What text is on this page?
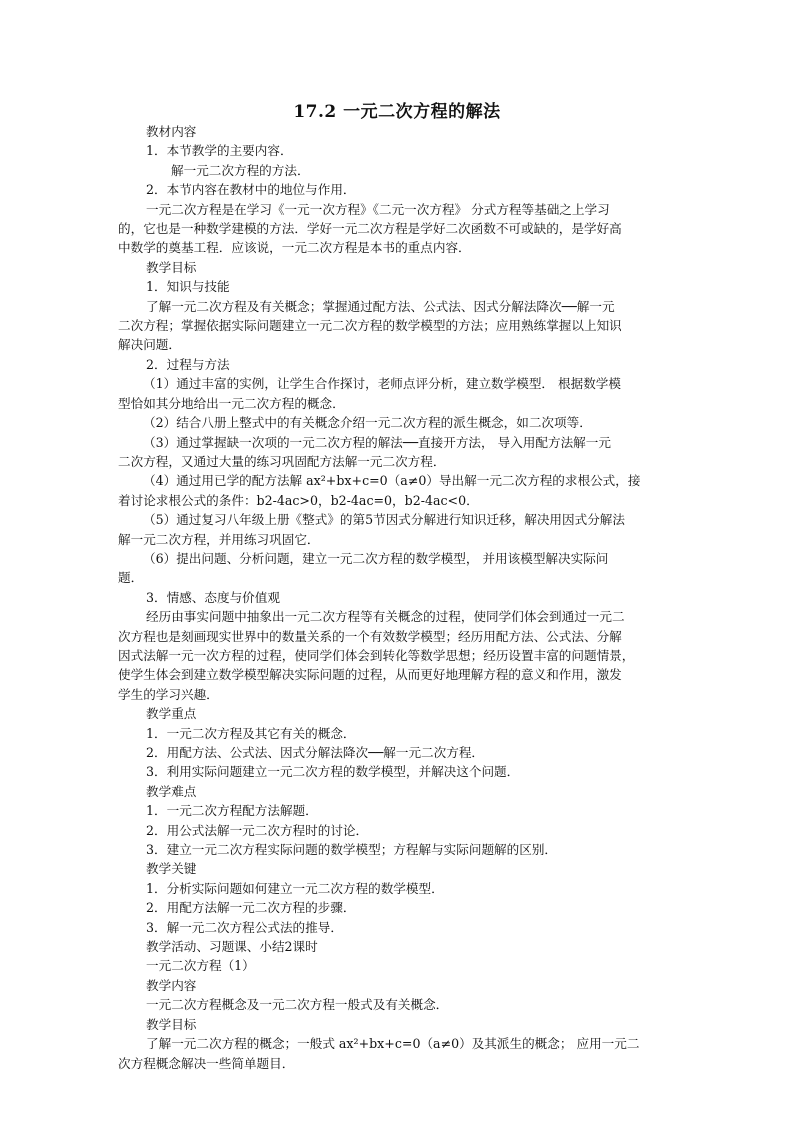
17.2 一元二次方程的解法
教材内容
1．本节教学的主要内容．
解一元二次方程的方法．
2．本节内容在教材中的地位与作用．
一元二次方程是在学习《一元一次方程》《二元一次方程》 分式方程等基础之上学习
的，它也是一种数学建模的方法．学好一元二次方程是学好二次函数不可或缺的，是学好高
中数学的奠基工程．应该说，一元二次方程是本书的重点内容．
教学目标
1．知识与技能
了解一元二次方程及有关概念；掌握通过配方法、公式法、因式分解法降次──解一元
二次方程；掌握依据实际问题建立一元二次方程的数学模型的方法；应用熟练掌握以上知识
解决问题．
2．过程与方法
（1）通过丰富的实例，让学生合作探讨，老师点评分析，建立数学模型． 根据数学模
型恰如其分地给出一元二次方程的概念．
（2）结合八册上整式中的有关概念介绍一元二次方程的派生概念，如二次项等．
（3）通过掌握缺一次项的一元二次方程的解法──直接开方法， 导入用配方法解一元
二次方程，又通过大量的练习巩固配方法解一元二次方程．
（4）通过用已学的配方法解 ax²+bx+c=0（a≠0）导出解一元二次方程的求根公式，接
着讨论求根公式的条件：b2-4ac>0，b2-4ac=0，b2-4ac<0．
（5）通过复习八年级上册《整式》的第5节因式分解进行知识迁移，解决用因式分解法
解一元二次方程，并用练习巩固它．
（6）提出问题、分析问题，建立一元二次方程的数学模型， 并用该模型解决实际问
题．
3．情感、态度与价值观
经历由事实问题中抽象出一元二次方程等有关概念的过程，使同学们体会到通过一元二
次方程也是刻画现实世界中的数量关系的一个有效数学模型；经历用配方法、公式法、分解
因式法解一元一次方程的过程，使同学们体会到转化等数学思想；经历设置丰富的问题情景，
使学生体会到建立数学模型解决实际问题的过程，从而更好地理解方程的意义和作用，激发
学生的学习兴趣．
教学重点
1．一元二次方程及其它有关的概念．
2．用配方法、公式法、因式分解法降次──解一元二次方程．
3．利用实际问题建立一元二次方程的数学模型，并解决这个问题．
教学难点
1．一元二次方程配方法解题．
2．用公式法解一元二次方程时的讨论．
3．建立一元二次方程实际问题的数学模型；方程解与实际问题解的区别．
教学关键
1．分析实际问题如何建立一元二次方程的数学模型．
2．用配方法解一元二次方程的步骤．
3．解一元二次方程公式法的推导．
教学活动、习题课、小结2课时
一元二次方程（1）
教学内容
一元二次方程概念及一元二次方程一般式及有关概念．
教学目标
了解一元二次方程的概念；一般式 ax²+bx+c=0（a≠0）及其派生的概念； 应用一元二
次方程概念解决一些简单题目．
